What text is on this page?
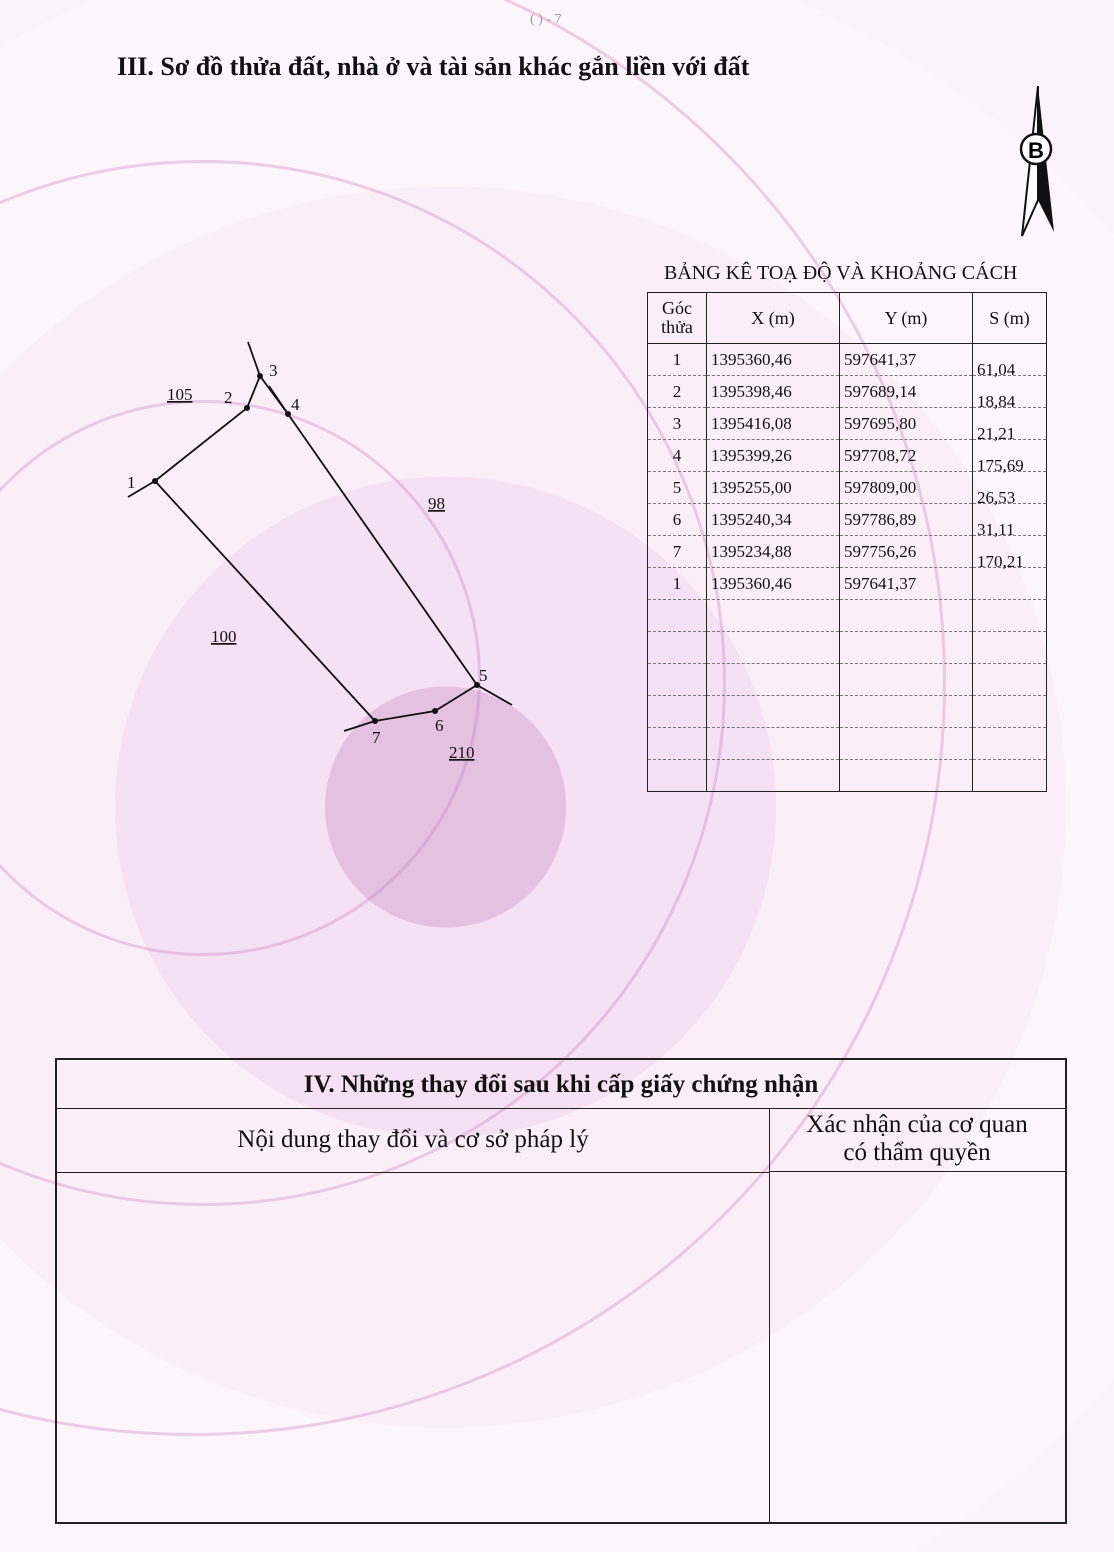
( ) - 7
III. Sơ đồ thửa đất, nhà ở và tài sản khác gắn liền với đất
B
1
2
3
4
5
6
7
105
98
100
210
BẢNG KÊ TOẠ ĐỘ VÀ KHOẢNG CÁCH
Góc thửa	X (m)	Y (m)	S (m)
1	1395360,46	597641,37	61,04

2	1395398,46	597689,14	18,84

3	1395416,08	597695,80	21,21

4	1395399,26	597708,72	175,69

5	1395255,00	597809,00	26,53

6	1395240,34	597786,89	31,11

7	1395234,88	597756,26	170,21

1	1395360,46	597641,37	

IV. Những thay đổi sau khi cấp giấy chứng nhận
Nội dung thay đổi và cơ sở pháp lý
Xác nhận của cơ quan
có thẩm quyền
